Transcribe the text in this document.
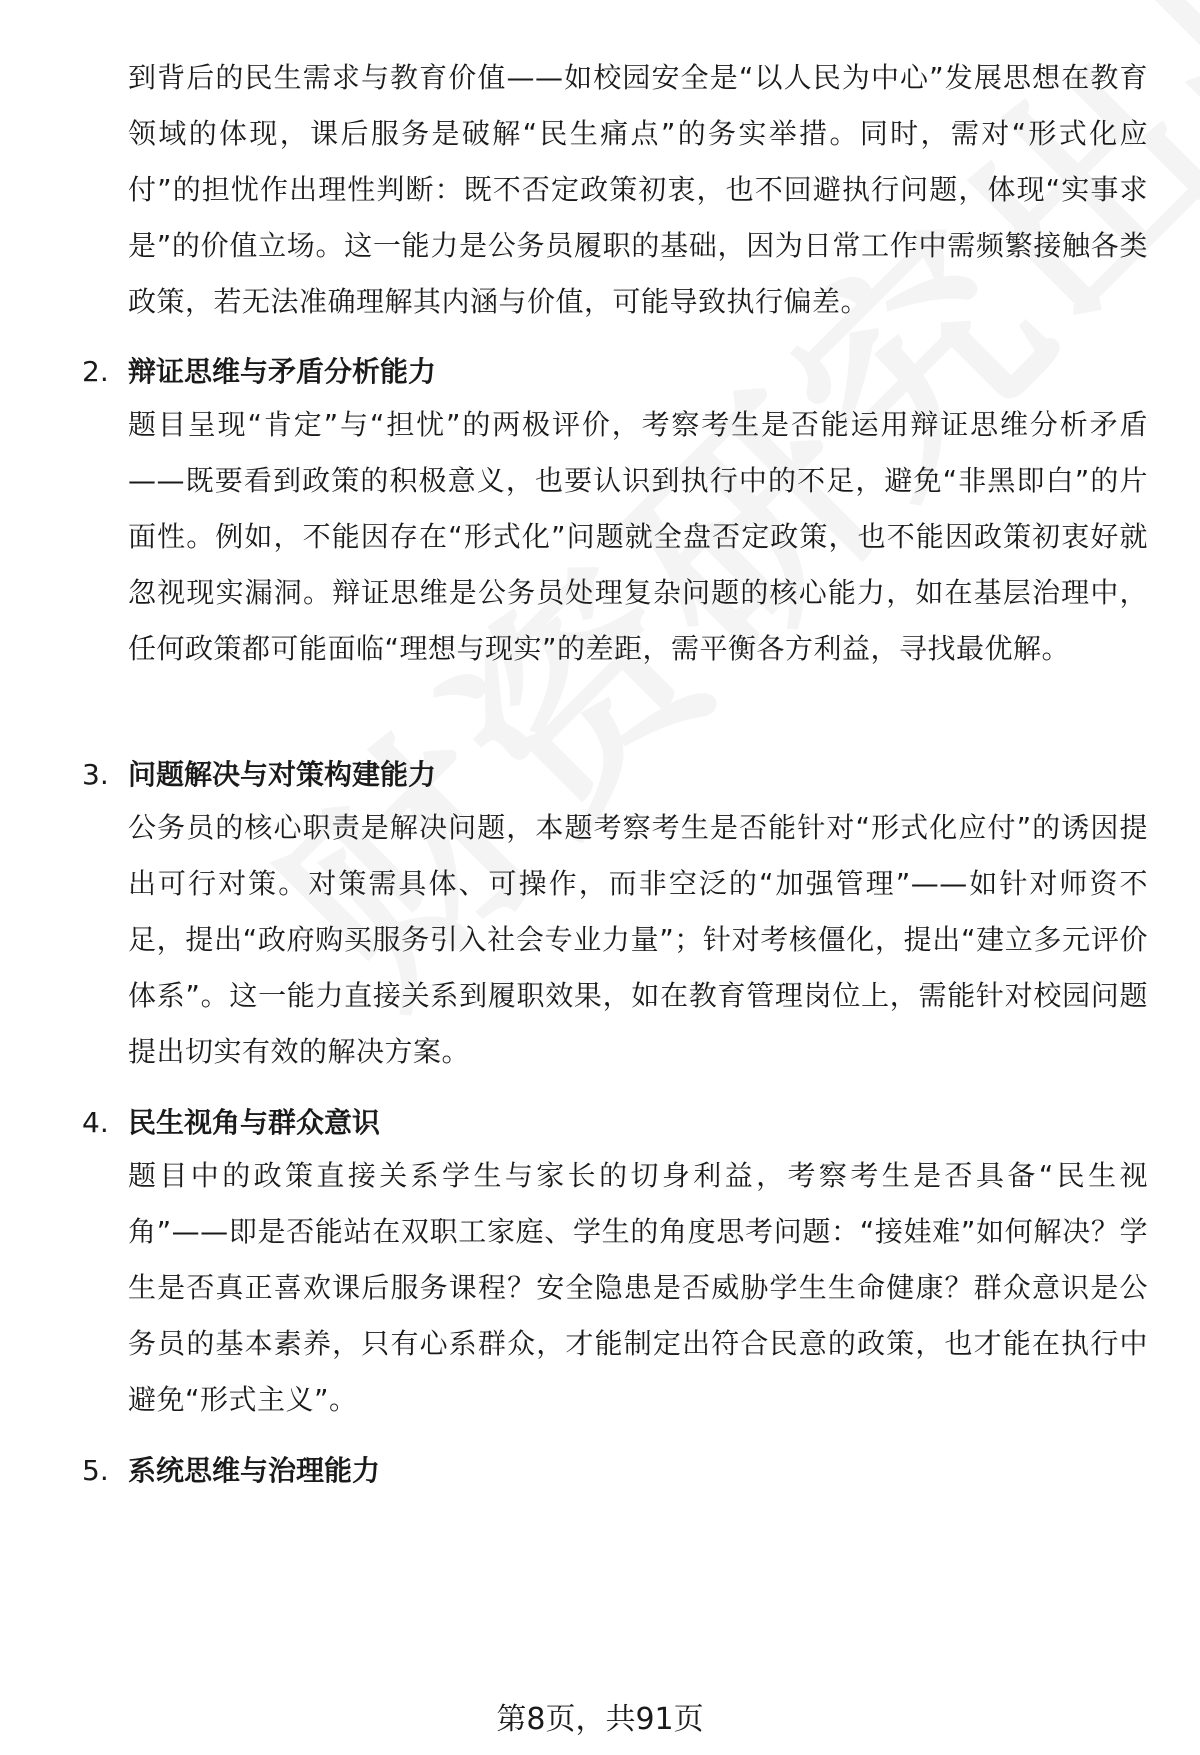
到背后的民生需求与教育价值——如校园安全是“以人民为中心”发展思想在教育领域的体现，课后服务是破解“民生痛点”的务实举措。同时，需对“形式化应付”的担忧作出理性判断：既不否定政策初衷，也不回避执行问题，体现“实事求是”的价值立场。这一能力是公务员履职的基础，因为日常工作中需频繁接触各类政策，若无法准确理解其内涵与价值，可能导致执行偏差。

2. 辩证思维与矛盾分析能力

题目呈现“肯定”与“担忧”的两极评价，考察考生是否能运用辩证思维分析矛盾——既要看到政策的积极意义，也要认识到执行中的不足，避免“非黑即白”的片面性。例如，不能因存在“形式化”问题就全盘否定政策，也不能因政策初衷好就忽视现实漏洞。辩证思维是公务员处理复杂问题的核心能力，如在基层治理中，任何政策都可能面临“理想与现实”的差距，需平衡各方利益，寻找最优解。

3. 问题解决与对策构建能力

公务员的核心职责是解决问题，本题考察考生是否能针对“形式化应付”的诱因提出可行对策。对策需具体、可操作，而非空泛的“加强管理”——如针对师资不足，提出“政府购买服务引入社会专业力量”；针对考核僵化，提出“建立多元评价体系”。这一能力直接关系到履职效果，如在教育管理岗位上，需能针对校园问题提出切实有效的解决方案。

4. 民生视角与群众意识

题目中的政策直接关系学生与家长的切身利益，考察考生是否具备“民生视角”——即是否能站在双职工家庭、学生的角度思考问题：“接娃难”如何解决？学生是否真正喜欢课后服务课程？安全隐患是否威胁学生生命健康？群众意识是公务员的基本素养，只有心系群众，才能制定出符合民意的政策，也才能在执行中避免“形式主义”。

5. 系统思维与治理能力
第8页，共91页
